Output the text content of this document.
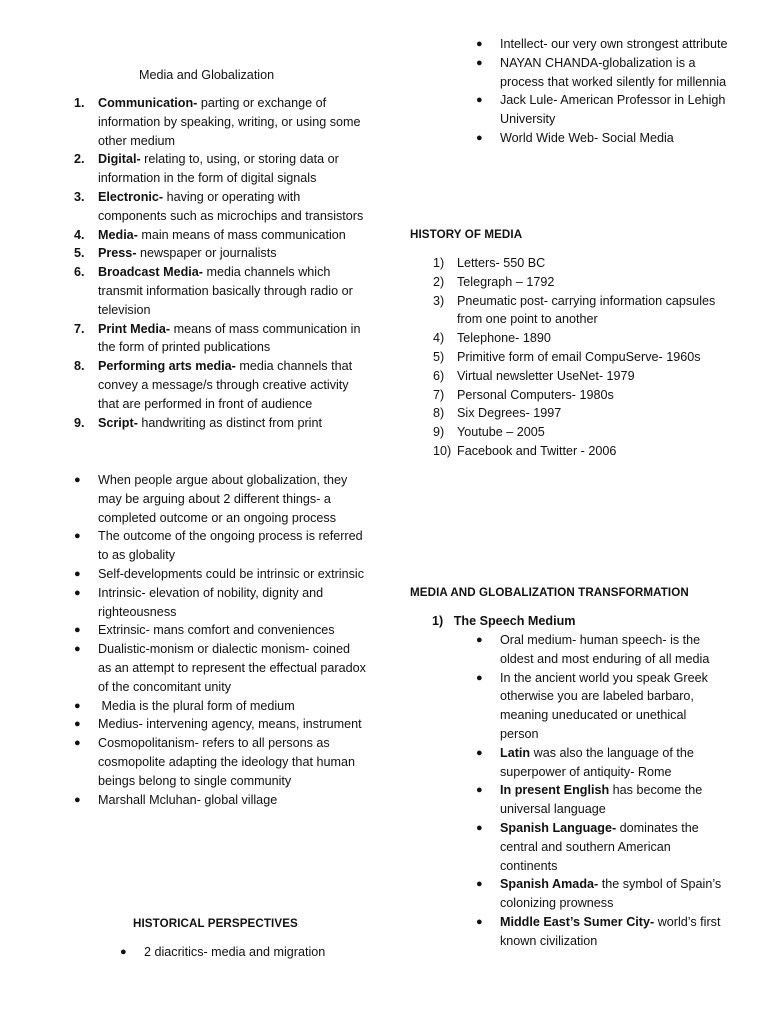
Media and Globalization
1. Communication- parting or exchange of information by speaking, writing, or using some other medium
2. Digital- relating to, using, or storing data or information in the form of digital signals
3. Electronic- having or operating with components such as microchips and transistors
4. Media- main means of mass communication
5. Press- newspaper or journalists
6. Broadcast Media- media channels which transmit information basically through radio or television
7. Print Media- means of mass communication in the form of printed publications
8. Performing arts media- media channels that convey a message/s through creative activity that are performed in front of audience
9. Script- handwriting as distinct from print
● When people argue about globalization, they may be arguing about 2 different things- a completed outcome or an ongoing process
● The outcome of the ongoing process is referred to as globality
● Self-developments could be intrinsic or extrinsic
● Intrinsic- elevation of nobility, dignity and righteousness
● Extrinsic- mans comfort and conveniences
● Dualistic-monism or dialectic monism- coined as an attempt to represent the effectual paradox of the concomitant unity
● Media is the plural form of medium
● Medius- intervening agency, means, instrument
● Cosmopolitanism- refers to all persons as cosmopolite adapting the ideology that human beings belong to single community
● Marshall Mcluhan- global village
HISTORICAL PERSPECTIVES
● 2 diacritics- media and migration
● Intellect- our very own strongest attribute
● NAYAN CHANDA-globalization is a process that worked silently for millennia
● Jack Lule- American Professor in Lehigh University
● World Wide Web- Social Media
HISTORY OF MEDIA
1) Letters- 550 BC
2) Telegraph – 1792
3) Pneumatic post- carrying information capsules from one point to another
4) Telephone- 1890
5) Primitive form of email CompuServe- 1960s
6) Virtual newsletter UseNet- 1979
7) Personal Computers- 1980s
8) Six Degrees- 1997
9) Youtube – 2005
10) Facebook and Twitter - 2006
MEDIA AND GLOBALIZATION TRANSFORMATION
1) The Speech Medium
● Oral medium- human speech- is the oldest and most enduring of all media
● In the ancient world you speak Greek otherwise you are labeled barbaro, meaning uneducated or unethical person
● Latin was also the language of the superpower of antiquity- Rome
● In present English has become the universal language
● Spanish Language- dominates the central and southern American continents
● Spanish Amada- the symbol of Spain’s colonizing prowness
● Middle East’s Sumer City- world’s first known civilization
